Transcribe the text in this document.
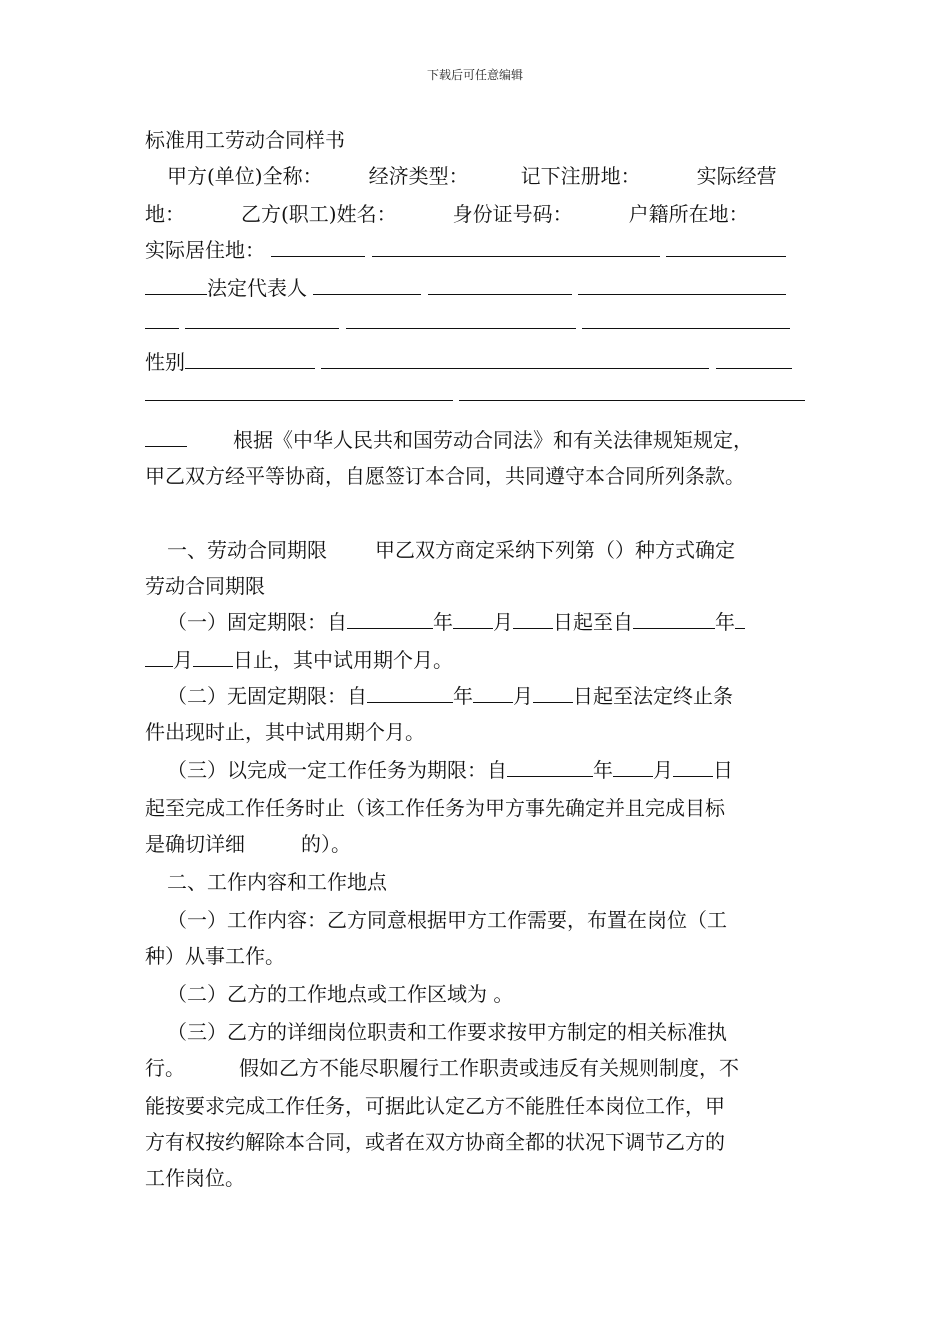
下载后可任意编辑
标准用工劳动合同样书
甲方(单位)全称： 经济类型：	记下注册地：	实际经营
地：	乙方(职工)姓名：	身份证号码：	户籍所在地：
实际居住地：
法定代表人

性别

根据《中华人民共和国劳动合同法》和有关法律规矩规定，
甲乙双方经平等协商，自愿签订本合同，共同遵守本合同所列条款。
一、劳动合同期限 甲乙双方商定采纳下列第（）种方式确定
劳动合同期限
（一）固定期限：自	年 月 日起至自	年
月 日止，其中试用期个月。
（二）无固定期限：自	年 月 日起至法定终止条
件出现时止，其中试用期个月。
（三）以完成一定工作任务为期限：自	年 月 日
起至完成工作任务时止（该工作任务为甲方事先确定并且完成目标
是确切详细	的）。
二、工作内容和工作地点
（一）工作内容：乙方同意根据甲方工作需要，布置在岗位（工
种）从事工作。
（二）乙方的工作地点或工作区域为 。
（三）乙方的详细岗位职责和工作要求按甲方制定的相关标准执
行。	假如乙方不能尽职履行工作职责或违反有关规则制度，不
能按要求完成工作任务，可据此认定乙方不能胜任本岗位工作，甲
方有权按约解除本合同，或者在双方协商全都的状况下调节乙方的
工作岗位。
